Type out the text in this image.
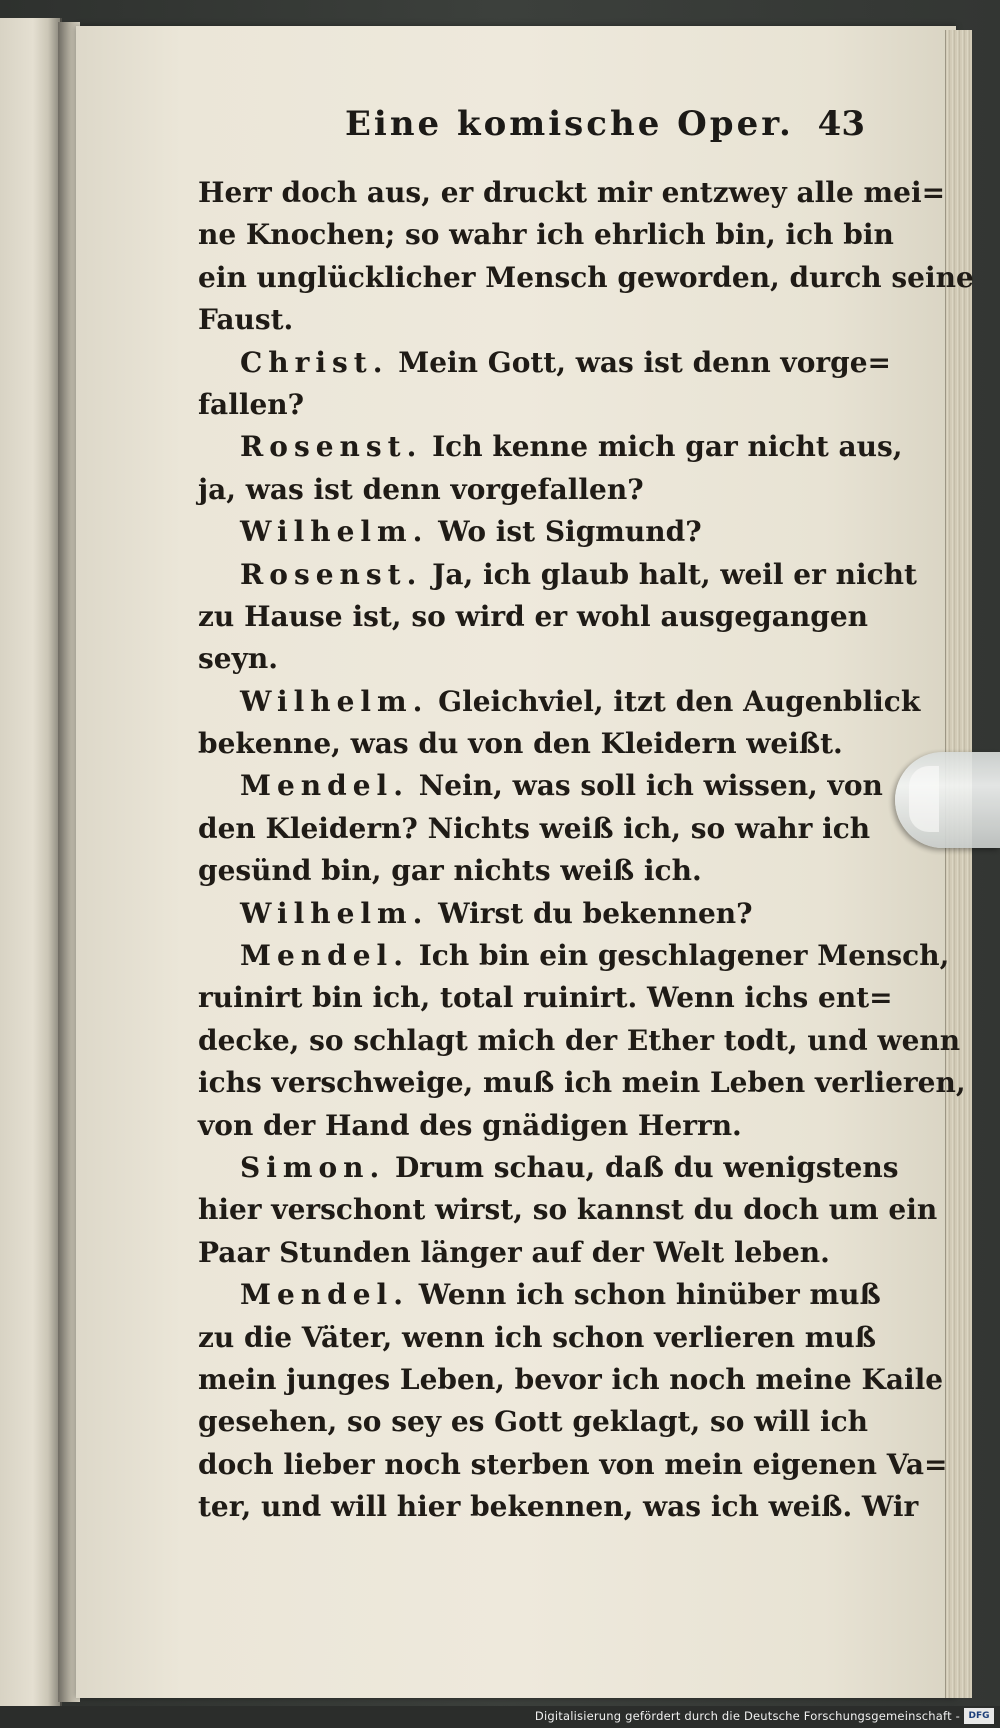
Eine komische Oper. 43
Herr doch aus, er druckt mir entzwey alle mei=
ne Knochen; so wahr ich ehrlich bin, ich bin
ein unglücklicher Mensch geworden, durch seine
Faust.
Christ. Mein Gott, was ist denn vorge=
fallen?
Rosenst. Ich kenne mich gar nicht aus,
ja, was ist denn vorgefallen?
Wilhelm. Wo ist Sigmund?
Rosenst. Ja, ich glaub halt, weil er nicht
zu Hause ist, so wird er wohl ausgegangen
seyn.
Wilhelm. Gleichviel, itzt den Augenblick
bekenne, was du von den Kleidern weißt.
Mendel. Nein, was soll ich wissen, von
den Kleidern? Nichts weiß ich, so wahr ich
gesünd bin, gar nichts weiß ich.
Wilhelm. Wirst du bekennen?
Mendel. Ich bin ein geschlagener Mensch,
ruinirt bin ich, total ruinirt. Wenn ichs ent=
decke, so schlagt mich der Ether todt, und wenn
ichs verschweige, muß ich mein Leben verlieren,
von der Hand des gnädigen Herrn.
Simon. Drum schau, daß du wenigstens
hier verschont wirst, so kannst du doch um ein
Paar Stunden länger auf der Welt leben.
Mendel. Wenn ich schon hinüber muß
zu die Väter, wenn ich schon verlieren muß
mein junges Leben, bevor ich noch meine Kaile
gesehen, so sey es Gott geklagt, so will ich
doch lieber noch sterben von mein eigenen Va=
ter, und will hier bekennen, was ich weiß. Wir
Digitalisierung gefördert durch die Deutsche Forschungsgemeinschaft - DFG
